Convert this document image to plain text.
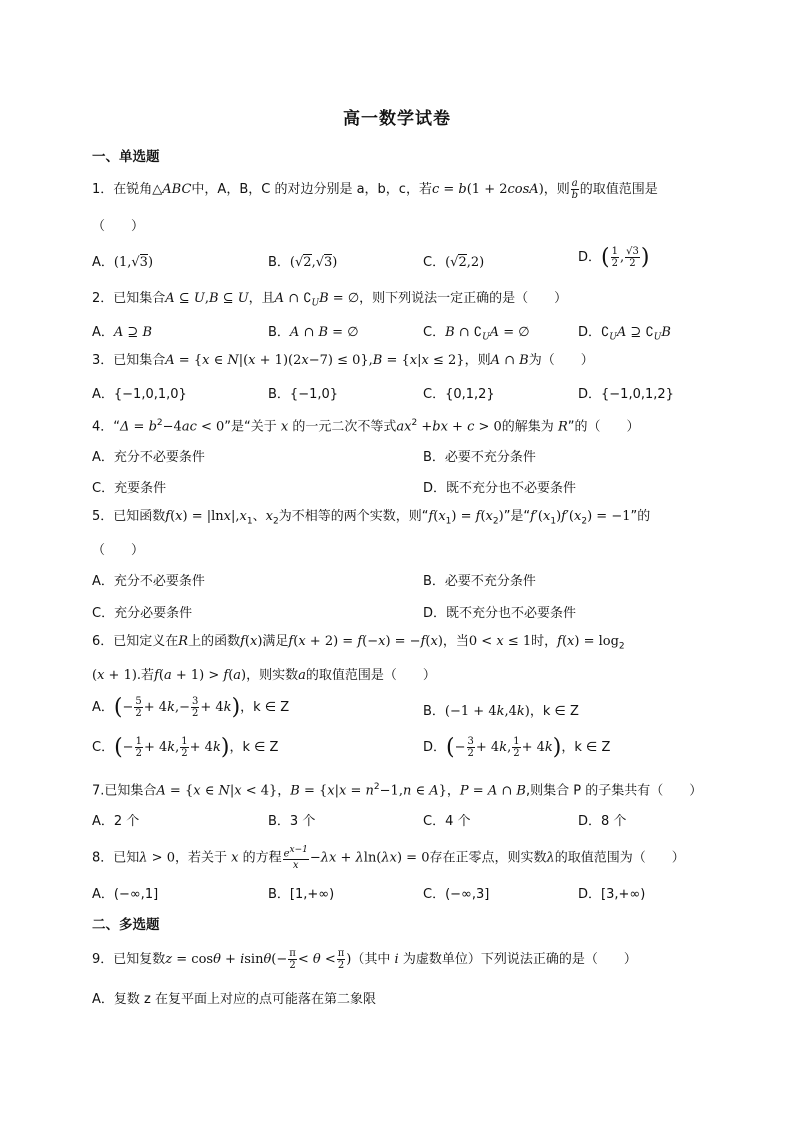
高一数学试卷
一、单选题
1．在锐角△ABC中，A，B，C 的对边分别是 a，b，c，若c = b(1 + 2cosA)，则 $\frac{a}{b}$ 的取值范围是
（　　）
A．(1,√3)	B．(√2,√3)	C．(√2,2)	D．( $\frac{1}{2}$ , $\frac{√3}{2}$ )
2．已知集合A ⊆ U,B ⊆ U，且A ∩ $∁_UB$ = ∅，则下列说法一定正确的是（　　）
A．A ⊇ B	B．A ∩ B = ∅	C．B ∩ $∁_UA$ = ∅	D．$∁_UA$ ⊇ $∁_UB$
3．已知集合A = {x ∈ N|(x + 1)(2x−7) ≤ 0},B = {x|x ≤ 2}，则A ∩ B为（　　）
A．{−1,0,1,0}	B．{−1,0}	C．{0,1,2}	D．{−1,0,1,2}
4．“$\Delta = b^2-4ac < 0$”是“关于 x 的一元二次不等式$ax^2 +bx + c > 0$的解集为 R”的（　　）
A．充分不必要条件	B．必要不充分条件
C．充要条件	D．既不充分也不必要条件
5．已知函数$f(x) = |\ln x|,x_1$、$x_2$为不相等的两个实数，则“$f(x_1) = f(x_2)$”是“$f'(x_1)f'(x_2) = -1$”的
（　　）
A．充分不必要条件	B．必要不充分条件
C．充分必要条件	D．既不充分也不必要条件
6．已知定义在R上的函数f(x)满足f(x + 2) = f(−x) = −f(x)，当0 < x ≤ 1时，$f(x) = \log_2$
(x + 1).若f(a + 1) > f(a)，则实数a的取值范围是（　　）
A．(− $\frac{5}{2} + 4k,- \frac{3}{2} + 4k$)，k ∈ Z	B．(−1 + 4k,4k)，k ∈ Z
C．(− $\frac{1}{2} + 4k$, $\frac{1}{2} + 4k$)，k ∈ Z	D．(− $\frac{3}{2} + 4k$, $\frac{1}{2} + 4k$)，k ∈ Z
7.已知集合A = {x ∈ N|x < 4}，$B = \{x|x = n^2-1,n$ ∈ A}，P = A ∩ B,则集合 P 的子集共有（　　）
A．2 个	B．3 个	C．4 个	D．8 个
8．已知λ > 0，若关于 x 的方程 $\frac{e^{x-1}}{x} -\lambda x + \lambda\ln(\lambda x) = 0$存在正零点，则实数λ的取值范围为（　　）
A．(−∞,1]	B．[1,+∞)	C．(−∞,3]	D．[3,+∞)
二、多选题
9．已知复数$z = \cos\theta + isin\theta(- \frac{\pi}{2} < \theta < \frac{\pi}{2}$ )（其中 i 为虚数单位）下列说法正确的是（　　）
A．复数 z 在复平面上对应的点可能落在第二象限
